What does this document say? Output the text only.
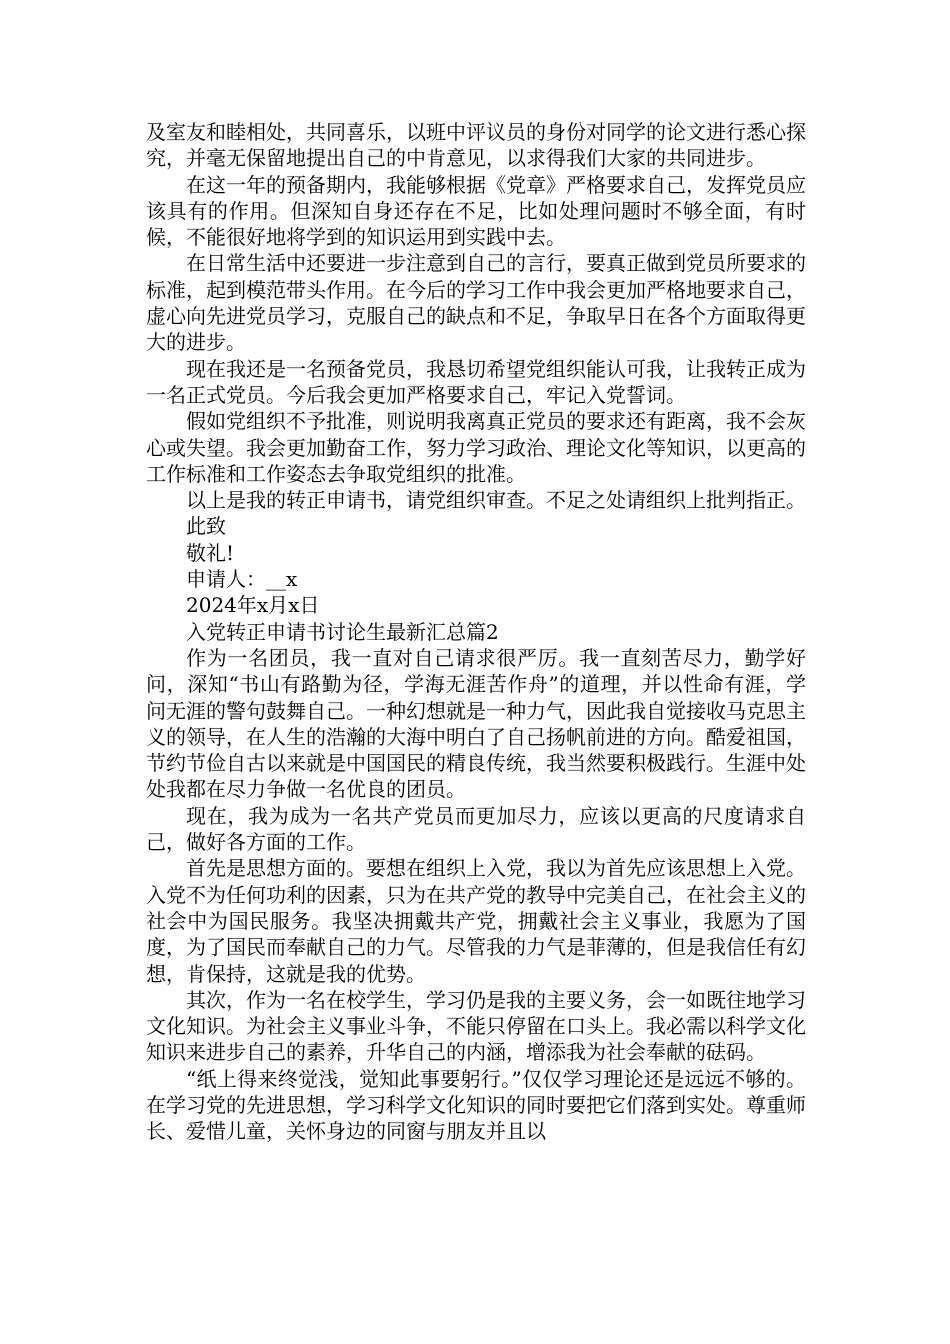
及室友和睦相处，共同喜乐，以班中评议员的身份对同学的论文进行悉心探究，并毫无保留地提出自己的中肯意见，以求得我们大家的共同进步。

在这一年的预备期内，我能够根据《党章》严格要求自己，发挥党员应该具有的作用。但深知自身还存在不足，比如处理问题时不够全面，有时候，不能很好地将学到的知识运用到实践中去。

在日常生活中还要进一步注意到自己的言行，要真正做到党员所要求的标准，起到模范带头作用。在今后的学习工作中我会更加严格地要求自己，虚心向先进党员学习，克服自己的缺点和不足，争取早日在各个方面取得更大的进步。

现在我还是一名预备党员，我恳切希望党组织能认可我，让我转正成为一名正式党员。今后我会更加严格要求自己，牢记入党誓词。

假如党组织不予批准，则说明我离真正党员的要求还有距离，我不会灰心或失望。我会更加勤奋工作，努力学习政治、理论文化等知识，以更高的工作标准和工作姿态去争取党组织的批准。

以上是我的转正申请书，请党组织审查。不足之处请组织上批判指正。

此致

敬礼!

申请人：__x

2024年x月x日

入党转正申请书讨论生最新汇总篇2

作为一名团员，我一直对自己请求很严厉。我一直刻苦尽力，勤学好问，深知“书山有路勤为径，学海无涯苦作舟”的道理，并以性命有涯，学问无涯的警句鼓舞自己。一种幻想就是一种力气，因此我自觉接收马克思主义的领导，在人生的浩瀚的大海中明白了自己扬帆前进的方向。酷爱祖国，节约节俭自古以来就是中国国民的精良传统，我当然要积极践行。生涯中处处我都在尽力争做一名优良的团员。

现在，我为成为一名共产党员而更加尽力，应该以更高的尺度请求自己，做好各方面的工作。

首先是思想方面的。要想在组织上入党，我以为首先应该思想上入党。入党不为任何功利的因素，只为在共产党的教导中完美自己，在社会主义的社会中为国民服务。我坚决拥戴共产党，拥戴社会主义事业，我愿为了国度，为了国民而奉献自己的力气。尽管我的力气是菲薄的，但是我信任有幻想，肯保持，这就是我的优势。

其次，作为一名在校学生，学习仍是我的主要义务，会一如既往地学习文化知识。为社会主义事业斗争，不能只停留在口头上。我必需以科学文化知识来进步自己的素养，升华自己的内涵，增添我为社会奉献的砝码。

“纸上得来终觉浅，觉知此事要躬行。”仅仅学习理论还是远远不够的。在学习党的先进思想，学习科学文化知识的同时要把它们落到实处。尊重师长、爱惜儿童，关怀身边的同窗与朋友并且以
